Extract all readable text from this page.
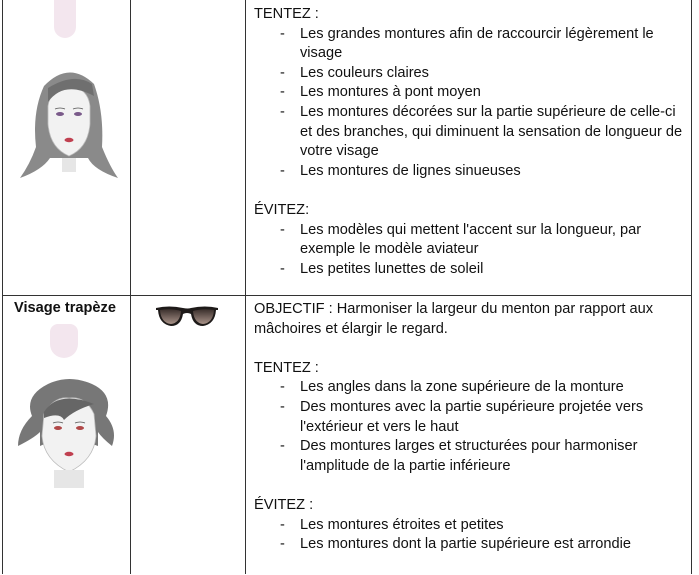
TENTEZ :
- Les grandes montures afin de raccourcir légèrement le visage
- Les couleurs claires
- Les montures à pont moyen
- Les montures décorées sur la partie supérieure de celle-ci et des branches, qui diminuent la sensation de longueur de votre visage
- Les montures de lignes sinueuses
ÉVITEZ:
- Les modèles qui mettent l'accent sur la longueur, par exemple le modèle aviateur
- Les petites lunettes de soleil
Visage trapèze	OBJECTIF : Harmoniser la largeur du menton par rapport aux mâchoires et élargir le regard.
TENTEZ :
- Les angles dans la zone supérieure de la monture
- Des montures avec la partie supérieure projetée vers l'extérieur et vers le haut
- Des montures larges et structurées pour harmoniser l'amplitude de la partie inférieure
ÉVITEZ :
- Les montures étroites et petites
- Les montures dont la partie supérieure est arrondie
